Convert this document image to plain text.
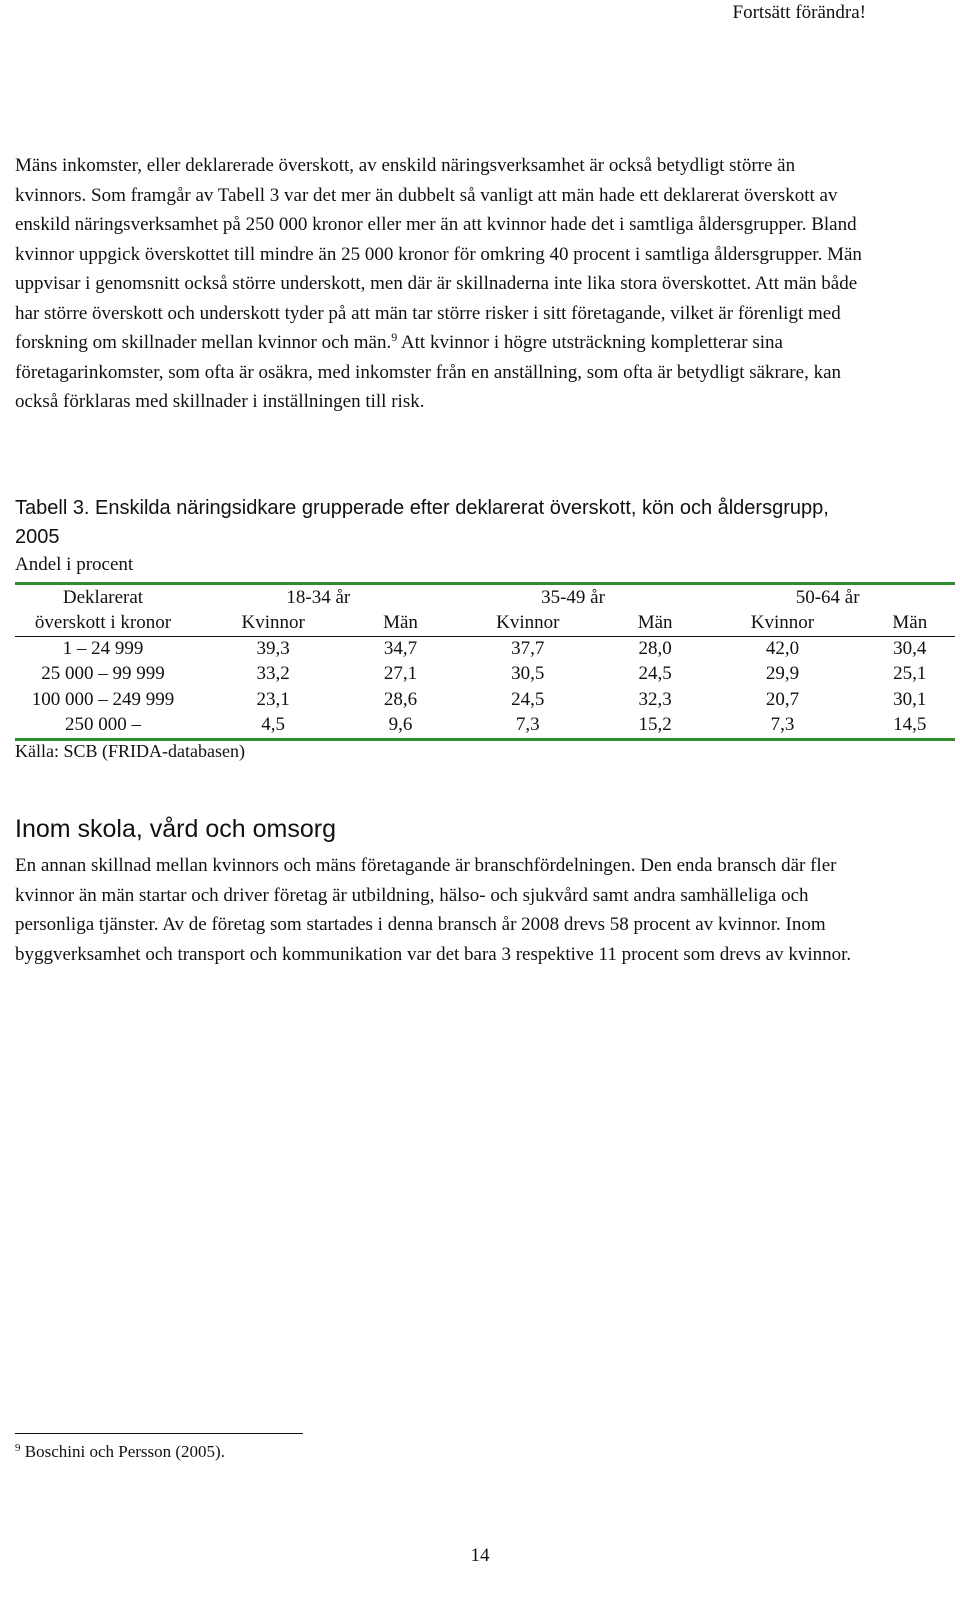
Fortsätt förändra!

Mäns inkomster, eller deklarerade överskott, av enskild näringsverksamhet är också betydligt större än kvinnors. Som framgår av Tabell 3 var det mer än dubbelt så vanligt att män hade ett deklarerat överskott av enskild näringsverksamhet på 250 000 kronor eller mer än att kvinnor hade det i samtliga åldersgrupper. Bland kvinnor uppgick överskottet till mindre än 25 000 kronor för omkring 40 procent i samtliga åldersgrupper. Män uppvisar i genomsnitt också större underskott, men där är skillnaderna inte lika stora överskottet. Att män både har större överskott och underskott tyder på att män tar större risker i sitt företagande, vilket är förenligt med forskning om skillnader mellan kvinnor och män.$^9$ Att kvinnor i högre utsträckning kompletterar sina företagarinkomster, som ofta är osäkra, med inkomster från en anställning, som ofta är betydligt säkrare, kan också förklaras med skillnader i inställningen till risk.

Tabell 3. Enskilda näringsidkare grupperade efter deklarerat överskott, kön och åldersgrupp, 2005
Andel i procent
Deklarerat	18-34 år		35-49 år		50-64 år	
överskott i kronor	Kvinnor	Män	Kvinnor	Män	Kvinnor	Män
1 – 24 999	39,3	34,7	37,7	28,0	42,0	30,4
25 000 – 99 999	33,2	27,1	30,5	24,5	29,9	25,1
100 000 – 249 999	23,1	28,6	24,5	32,3	20,7	30,1
250 000 –	4,5	9,6	7,3	15,2	7,3	14,5
Källa: SCB (FRIDA-databasen)
Inom skola, vård och omsorg

En annan skillnad mellan kvinnors och mäns företagande är branschfördelningen. Den enda bransch där fler kvinnor än män startar och driver företag är utbildning, hälso- och sjukvård samt andra samhälleliga och personliga tjänster. Av de företag som startades i denna bransch år 2008 drevs 58 procent av kvinnor. Inom byggverksamhet och transport och kommunikation var det bara 3 respektive 11 procent som drevs av kvinnor.

$^9$ Boschini och Persson (2005).
14
